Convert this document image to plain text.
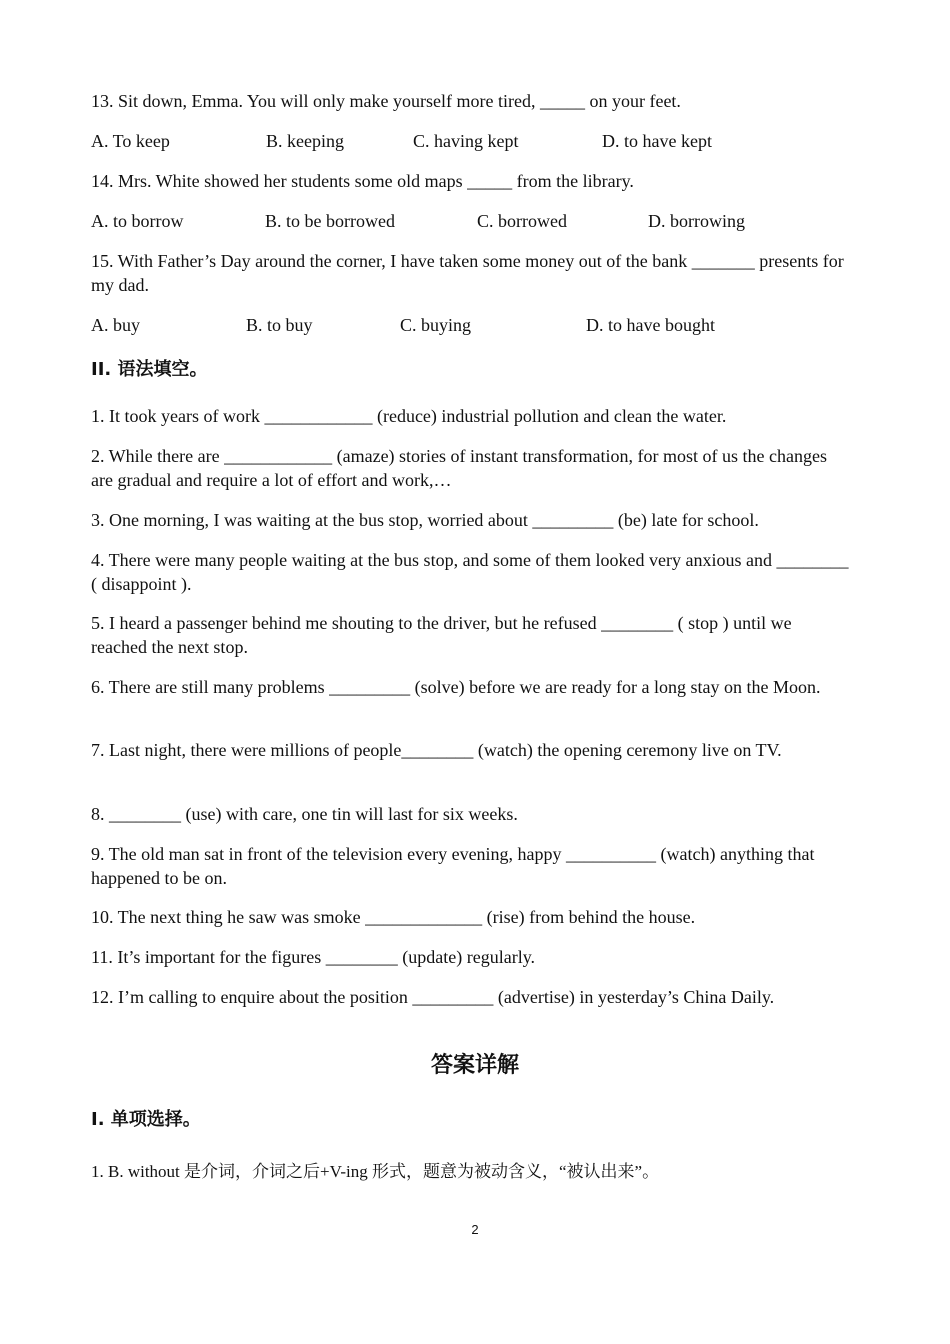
13. Sit down, Emma. You will only make yourself more tired, _____ on your feet.
A. To keep	B. keeping	C. having kept	D. to have kept
14. Mrs. White showed her students some old maps _____ from the library.
A. to borrow	B. to be borrowed	C. borrowed	D. borrowing
15. With Father’s Day around the corner, I have taken some money out of the bank _______ presents for my dad.
A. buy	B. to buy	C. buying	D. to have bought
II. 语法填空。
1. It took years of work ____________ (reduce) industrial pollution and clean the water.
2. While there are ____________ (amaze) stories of instant transformation, for most of us the changes are gradual and require a lot of effort and work,…
3. One morning, I was waiting at the bus stop, worried about _________ (be) late for school.
4. There were many people waiting at the bus stop, and some of them looked very anxious and ________ ( disappoint ).
5. I heard a passenger behind me shouting to the driver, but he refused ________ ( stop ) until we reached the next stop.
6. There are still many problems _________ (solve) before we are ready for a long stay on the Moon.
7. Last night, there were millions of people________ (watch) the opening ceremony live on TV.
8. ________ (use) with care, one tin will last for six weeks.
9. The old man sat in front of the television every evening, happy __________ (watch) anything that happened to be on.
10. The next thing he saw was smoke _____________ (rise) from behind the house.
11. It’s important for the figures ________ (update) regularly.
12. I’m calling to enquire about the position _________ (advertise) in yesterday’s China Daily.
答案详解
I. 单项选择。
1. B. without 是介词，介词之后+V-ing 形式，题意为被动含义，“被认出来”。
2
